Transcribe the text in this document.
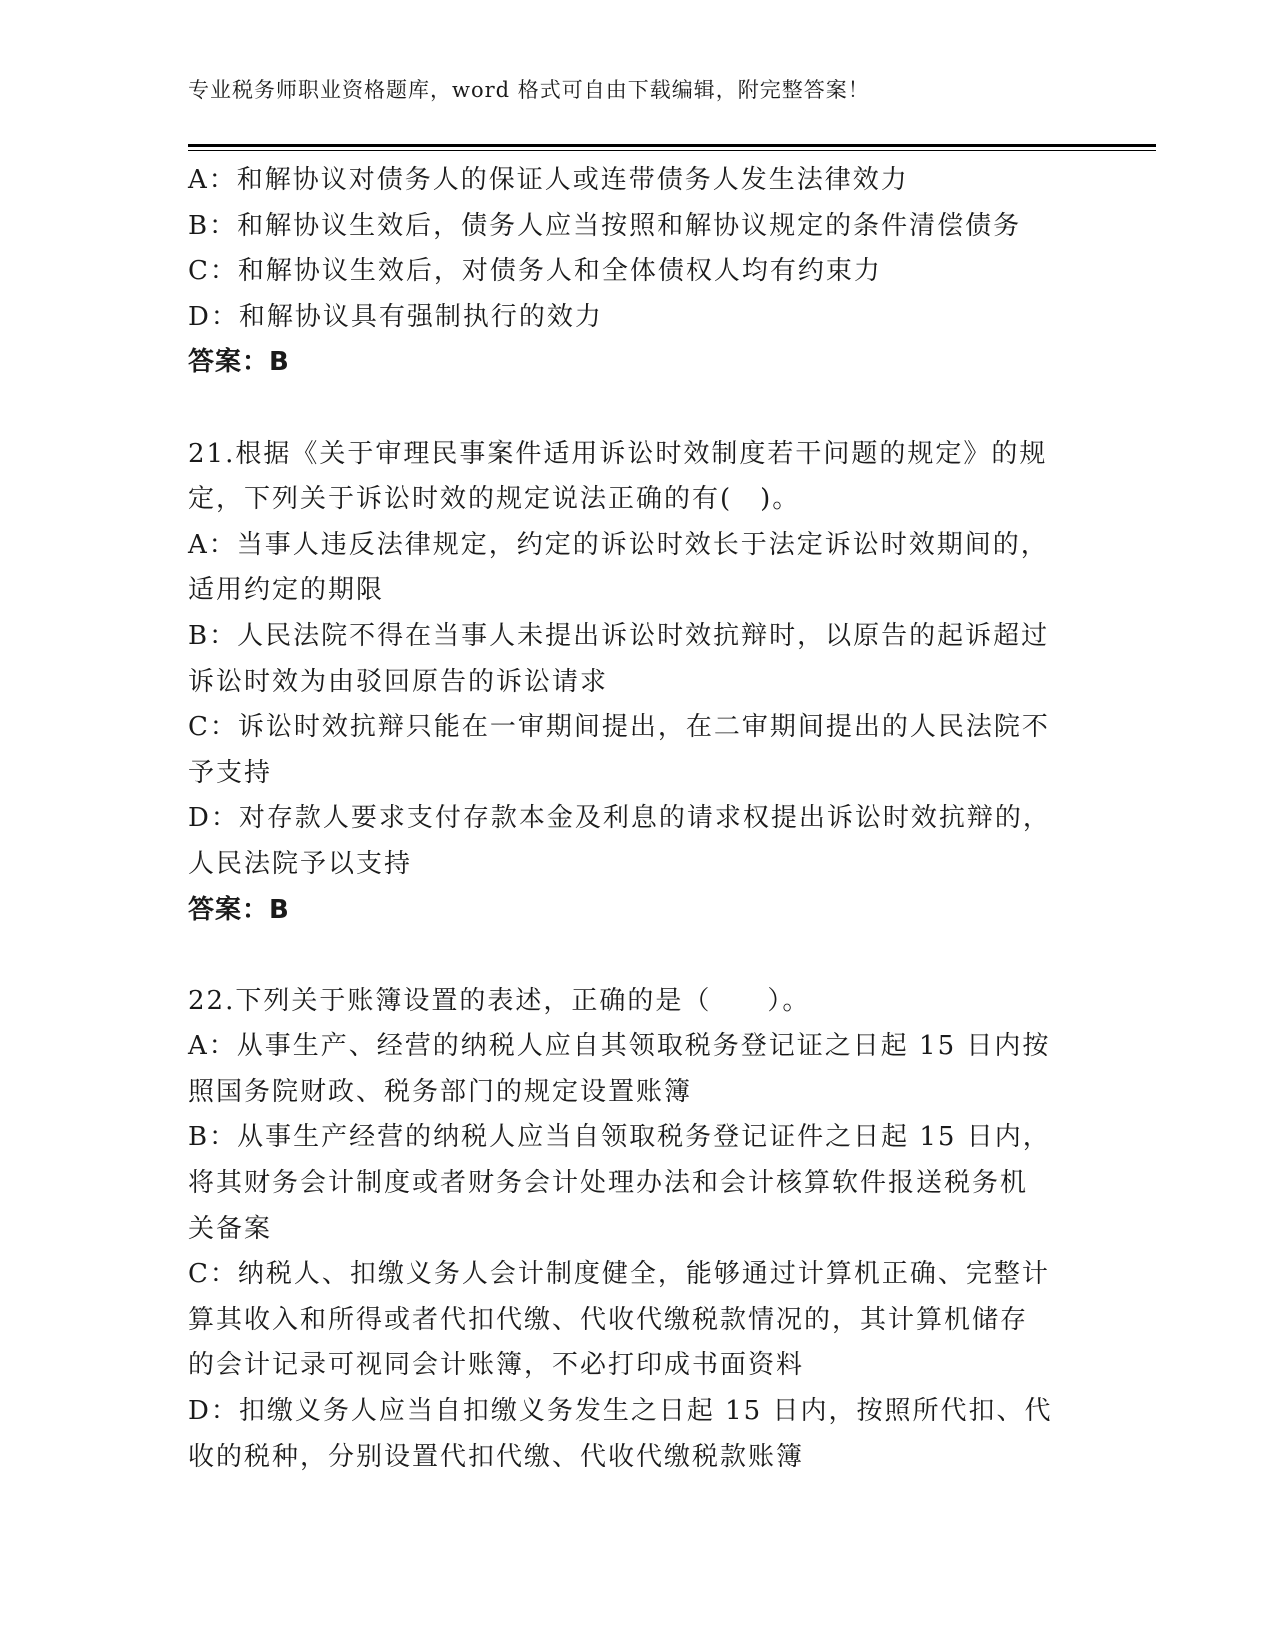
专业税务师职业资格题库，word 格式可自由下载编辑，附完整答案！
A：和解协议对债务人的保证人或连带债务人发生法律效力
B：和解协议生效后，债务人应当按照和解协议规定的条件清偿债务
C：和解协议生效后，对债务人和全体债权人均有约束力
D：和解协议具有强制执行的效力
答案：B
21.根据《关于审理民事案件适用诉讼时效制度若干问题的规定》的规
定，下列关于诉讼时效的规定说法正确的有(　)。
A：当事人违反法律规定，约定的诉讼时效长于法定诉讼时效期间的，
适用约定的期限
B：人民法院不得在当事人未提出诉讼时效抗辩时，以原告的起诉超过
诉讼时效为由驳回原告的诉讼请求
C：诉讼时效抗辩只能在一审期间提出，在二审期间提出的人民法院不
予支持
D：对存款人要求支付存款本金及利息的请求权提出诉讼时效抗辩的，
人民法院予以支持
答案：B
22.下列关于账簿设置的表述，正确的是（　　）。
A：从事生产、经营的纳税人应自其领取税务登记证之日起 15 日内按
照国务院财政、税务部门的规定设置账簿
B：从事生产经营的纳税人应当自领取税务登记证件之日起 15 日内，
将其财务会计制度或者财务会计处理办法和会计核算软件报送税务机
关备案
C：纳税人、扣缴义务人会计制度健全，能够通过计算机正确、完整计
算其收入和所得或者代扣代缴、代收代缴税款情况的，其计算机储存
的会计记录可视同会计账簿，不必打印成书面资料
D：扣缴义务人应当自扣缴义务发生之日起 15 日内，按照所代扣、代
收的税种，分别设置代扣代缴、代收代缴税款账簿
